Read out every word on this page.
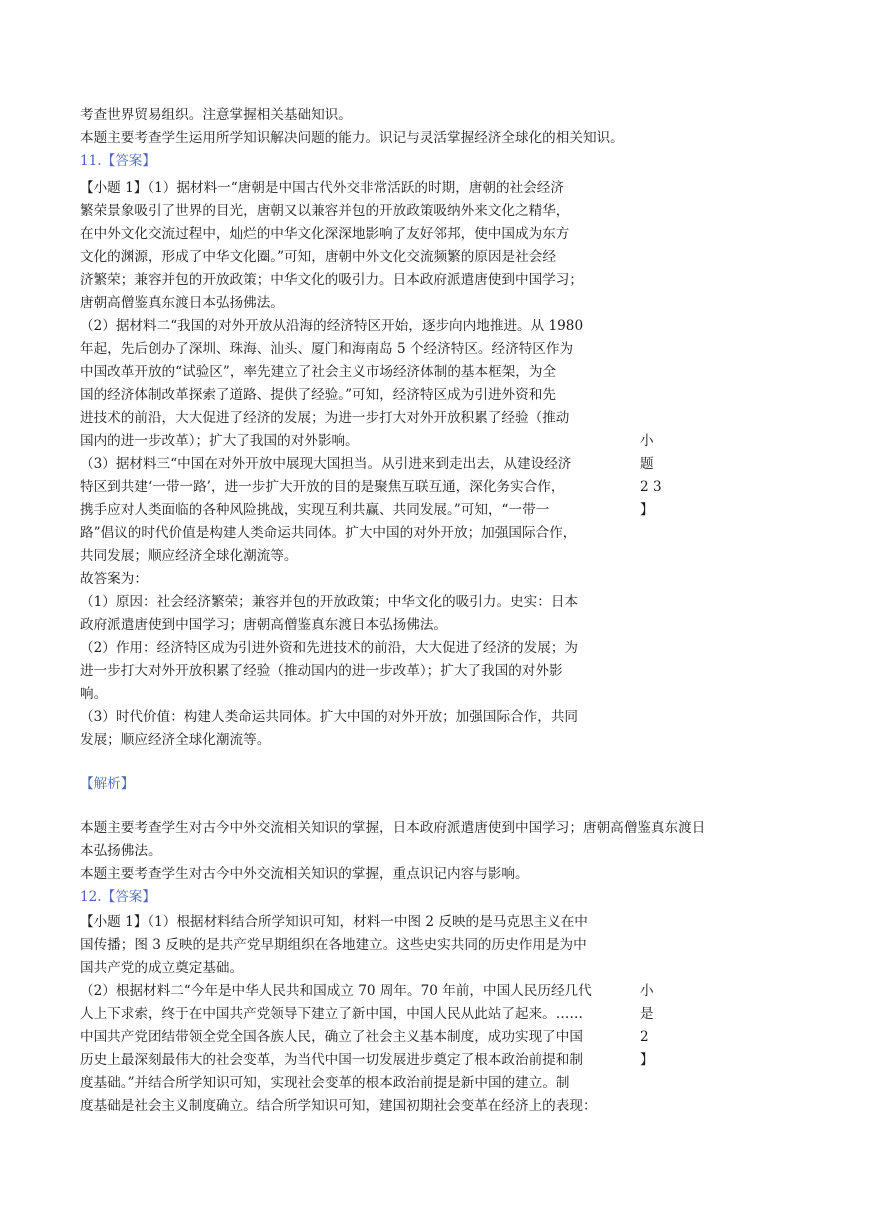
考查世界贸易组织。注意掌握相关基础知识。

本题主要考查学生运用所学知识解决问题的能力。识记与灵活掌握经济全球化的相关知识。

11.【答案】

【小题 1】（1）据材料一“唐朝是中国古代外交非常活跃的时期，唐朝的社会经济

繁荣景象吸引了世界的目光，唐朝又以兼容并包的开放政策吸纳外来文化之精华，

在中外文化交流过程中，灿烂的中华文化深深地影响了友好邻邦，使中国成为东方

文化的渊源，形成了中华文化圈。”可知，唐朝中外文化交流频繁的原因是社会经

济繁荣；兼容并包的开放政策；中华文化的吸引力。日本政府派遣唐使到中国学习；

唐朝高僧鉴真东渡日本弘扬佛法。

（2）据材料二“我国的对外开放从沿海的经济特区开始，逐步向内地推进。从 1980

年起，先后创办了深圳、珠海、汕头、厦门和海南岛 5 个经济特区。经济特区作为

中国改革开放的“试验区”，率先建立了社会主义市场经济体制的基本框架，为全

国的经济体制改革探索了道路、提供了经验。”可知，经济特区成为引进外资和先

进技术的前沿，大大促进了经济的发展；为进一步打大对外开放积累了经验（推动

国内的进一步改革）；扩大了我国的对外影响。

（3）据材料三“中国在对外开放中展现大国担当。从引进来到走出去，从建设经济

特区到共建‘一带一路’，进一步扩大开放的目的是聚焦互联互通，深化务实合作，

携手应对人类面临的各种风险挑战，实现互利共赢、共同发展。”可知，“一带一

路”倡议的时代价值是构建人类命运共同体。扩大中国的对外开放；加强国际合作，

共同发展；顺应经济全球化潮流等。

故答案为：

（1）原因：社会经济繁荣；兼容并包的开放政策；中华文化的吸引力。史实：日本

政府派遣唐使到中国学习；唐朝高僧鉴真东渡日本弘扬佛法。

（2）作用：经济特区成为引进外资和先进技术的前沿，大大促进了经济的发展；为

进一步打大对外开放积累了经验（推动国内的进一步改革）；扩大了我国的对外影

响。

（3）时代价值：构建人类命运共同体。扩大中国的对外开放；加强国际合作，共同

发展；顺应经济全球化潮流等。

小
题
2 3
】

【解析】

本题主要考查学生对古今中外交流相关知识的掌握，日本政府派遣唐使到中国学习；唐朝高僧鉴真东渡日

本弘扬佛法。

本题主要考查学生对古今中外交流相关知识的掌握，重点识记内容与影响。

12.【答案】

【小题 1】（1）根据材料结合所学知识可知，材料一中图 2 反映的是马克思主义在中

国传播；图 3 反映的是共产党早期组织在各地建立。这些史实共同的历史作用是为中

国共产党的成立奠定基础。

（2）根据材料二“今年是中华人民共和国成立 70 周年。70 年前，中国人民历经几代

人上下求索，终于在中国共产党领导下建立了新中国，中国人民从此站了起来。……

中国共产党团结带领全党全国各族人民，确立了社会主义基本制度，成功实现了中国

历史上最深刻最伟大的社会变革，为当代中国一切发展进步奠定了根本政治前提和制

度基础。”并结合所学知识可知，实现社会变革的根本政治前提是新中国的建立。制

度基础是社会主义制度确立。结合所学知识可知，建国初期社会变革在经济上的表现：

小
是
2
】
